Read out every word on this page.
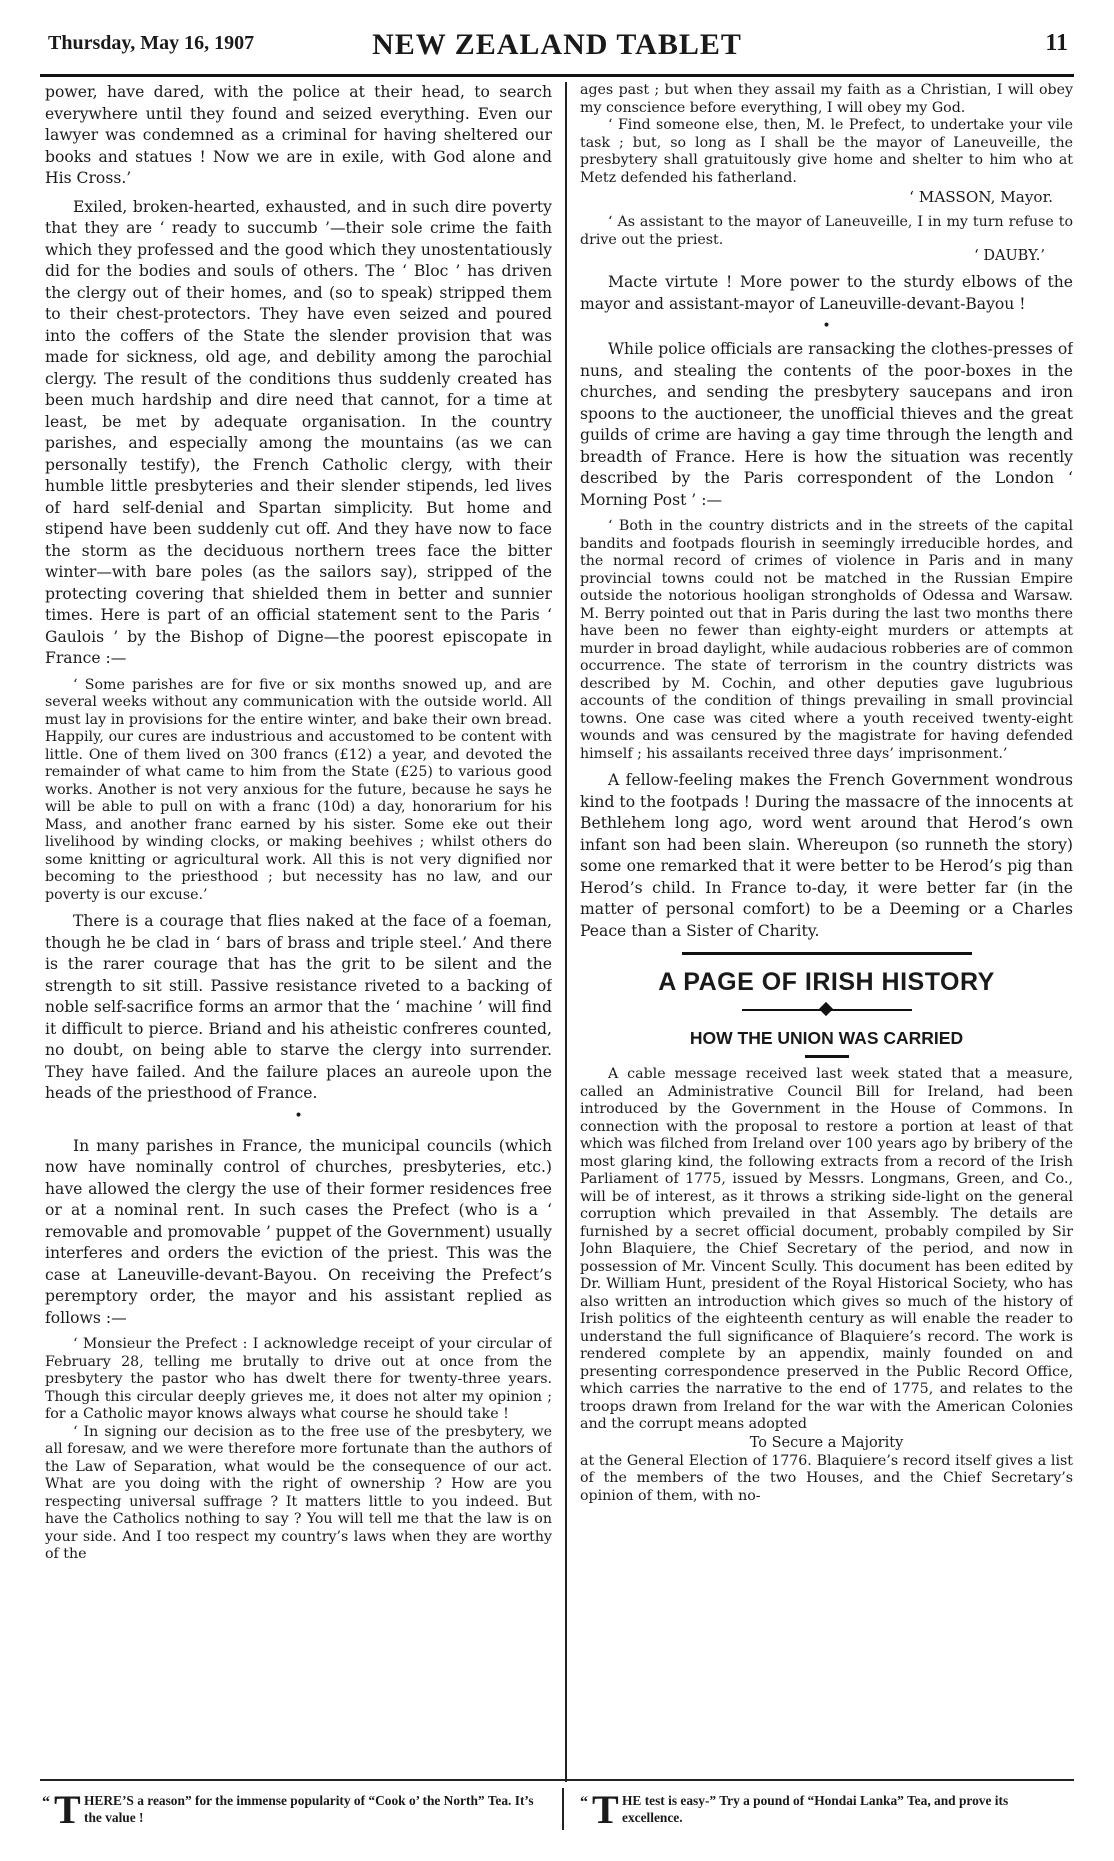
Thursday, May 16, 1907	NEW ZEALAND TABLET	11

power, have dared, with the police at their head, to search everywhere until they found and seized everything. Even our lawyer was condemned as a criminal for having sheltered our books and statues ! Now we are in exile, with God alone and His Cross.’

Exiled, broken-hearted, exhausted, and in such dire poverty that they are ‘ ready to succumb ’—their sole crime the faith which they professed and the good which they unostentatiously did for the bodies and souls of others. The ‘ Bloc ’ has driven the clergy out of their homes, and (so to speak) stripped them to their chest-protectors. They have even seized and poured into the coffers of the State the slender provision that was made for sickness, old age, and debility among the parochial clergy. The result of the conditions thus suddenly created has been much hardship and dire need that cannot, for a time at least, be met by adequate organisation. In the country parishes, and especially among the mountains (as we can personally testify), the French Catholic clergy, with their humble little presbyteries and their slender stipends, led lives of hard self-denial and Spartan simplicity. But home and stipend have been suddenly cut off. And they have now to face the storm as the deciduous northern trees face the bitter winter—with bare poles (as the sailors say), stripped of the protecting covering that shielded them in better and sunnier times. Here is part of an official statement sent to the Paris ‘ Gaulois ’ by the Bishop of Digne—the poorest episcopate in France :—

‘ Some parishes are for five or six months snowed up, and are several weeks without any communication with the outside world. All must lay in provisions for the entire winter, and bake their own bread. Happily, our cures are industrious and accustomed to be content with little. One of them lived on 300 francs (£12) a year, and devoted the remainder of what came to him from the State (£25) to various good works. Another is not very anxious for the future, because he says he will be able to pull on with a franc (10d) a day, honorarium for his Mass, and another franc earned by his sister. Some eke out their livelihood by winding clocks, or making beehives ; whilst others do some knitting or agricultural work. All this is not very dignified nor becoming to the priesthood ; but necessity has no law, and our poverty is our excuse.’

There is a courage that flies naked at the face of a foeman, though he be clad in ‘ bars of brass and triple steel.’ And there is the rarer courage that has the grit to be silent and the strength to sit still. Passive resistance riveted to a backing of noble self-sacrifice forms an armor that the ‘ machine ’ will find it difficult to pierce. Briand and his atheistic confreres counted, no doubt, on being able to starve the clergy into surrender. They have failed. And the failure places an aureole upon the heads of the priesthood of France.

•

In many parishes in France, the municipal councils (which now have nominally control of churches, presbyteries, etc.) have allowed the clergy the use of their former residences free or at a nominal rent. In such cases the Prefect (who is a ‘ removable and promovable ’ puppet of the Government) usually interferes and orders the eviction of the priest. This was the case at Laneuville-devant-Bayou. On receiving the Prefect’s peremptory order, the mayor and his assistant replied as follows :—

‘ Monsieur the Prefect : I acknowledge receipt of your circular of February 28, telling me brutally to drive out at once from the presbytery the pastor who has dwelt there for twenty-three years. Though this circular deeply grieves me, it does not alter my opinion ; for a Catholic mayor knows always what course he should take !

‘ In signing our decision as to the free use of the presbytery, we all foresaw, and we were therefore more fortunate than the authors of the Law of Separation, what would be the consequence of our act. What are you doing with the right of ownership ? How are you respecting universal suffrage ? It matters little to you indeed. But have the Catholics nothing to say ? You will tell me that the law is on your side. And I too respect my country’s laws when they are worthy of the

ages past ; but when they assail my faith as a Christian, I will obey my conscience before everything, I will obey my God.

‘ Find someone else, then, M. le Prefect, to undertake your vile task ; but, so long as I shall be the mayor of Laneuveille, the presbytery shall gratuitously give home and shelter to him who at Metz defended his fatherland.

‘ MASSON, Mayor.

‘ As assistant to the mayor of Laneuveille, I in my turn refuse to drive out the priest.

‘ DAUBY.’

Macte virtute ! More power to the sturdy elbows of the mayor and assistant-mayor of Laneuville-devant-Bayou !

•

While police officials are ransacking the clothes-presses of nuns, and stealing the contents of the poor-boxes in the churches, and sending the presbytery saucepans and iron spoons to the auctioneer, the unofficial thieves and the great guilds of crime are having a gay time through the length and breadth of France. Here is how the situation was recently described by the Paris correspondent of the London ‘ Morning Post ’ :—

‘ Both in the country districts and in the streets of the capital bandits and footpads flourish in seemingly irreducible hordes, and the normal record of crimes of violence in Paris and in many provincial towns could not be matched in the Russian Empire outside the notorious hooligan strongholds of Odessa and Warsaw. M. Berry pointed out that in Paris during the last two months there have been no fewer than eighty-eight murders or attempts at murder in broad daylight, while audacious robberies are of common occurrence. The state of terrorism in the country districts was described by M. Cochin, and other deputies gave lugubrious accounts of the condition of things prevailing in small provincial towns. One case was cited where a youth received twenty-eight wounds and was censured by the magistrate for having defended himself ; his assailants received three days’ imprisonment.’

A fellow-feeling makes the French Government wondrous kind to the footpads ! During the massacre of the innocents at Bethlehem long ago, word went around that Herod’s own infant son had been slain. Whereupon (so runneth the story) some one remarked that it were better to be Herod’s pig than Herod’s child. In France to-day, it were better far (in the matter of personal comfort) to be a Deeming or a Charles Peace than a Sister of Charity.

A PAGE OF IRISH HISTORY
HOW THE UNION WAS CARRIED

A cable message received last week stated that a measure, called an Administrative Council Bill for Ireland, had been introduced by the Government in the House of Commons. In connection with the proposal to restore a portion at least of that which was filched from Ireland over 100 years ago by bribery of the most glaring kind, the following extracts from a record of the Irish Parliament of 1775, issued by Messrs. Longmans, Green, and Co., will be of interest, as it throws a striking side-light on the general corruption which prevailed in that Assembly. The details are furnished by a secret official document, probably compiled by Sir John Blaquiere, the Chief Secretary of the period, and now in possession of Mr. Vincent Scully. This document has been edited by Dr. William Hunt, president of the Royal Historical Society, who has also written an introduction which gives so much of the history of Irish politics of the eighteenth century as will enable the reader to understand the full significance of Blaquiere’s record. The work is rendered complete by an appendix, mainly founded on and presenting correspondence preserved in the Public Record Office, which carries the narrative to the end of 1775, and relates to the troops drawn from Ireland for the war with the American Colonies and the corrupt means adopted

To Secure a Majority

at the General Election of 1776. Blaquiere’s record itself gives a list of the members of the two Houses, and the Chief Secretary’s opinion of them, with no-

“ T HERE’S a reason” for the immense popularity of “Cook o’ the North” Tea. It’s the value !
“ T HE test is easy-” Try a pound of “Hondai Lanka” Tea, and prove its excellence.
